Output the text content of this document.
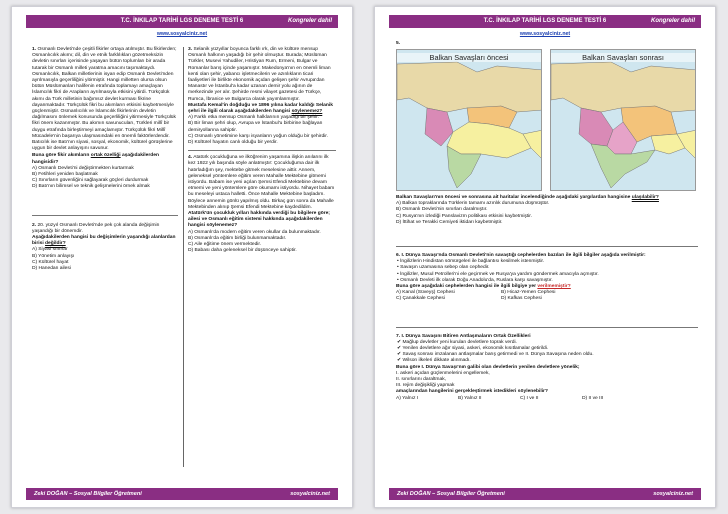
T.C. İNKILAP TARİHİ LGS DENEME TESTİ 6	Kongreler dahil
www.sosyalciniz.net

1. Osmanlı Devleti'nde çeşitli fikirler ortaya atılmıştır. Bu fikirlerden; Osmanlıcılık akımı; dil, din ve etnik farklılıkları gözetmeksizin devletin sınırları içerisinde yaşayan bütün toplumları bir arada tutarak bir Osmanlı milleti yaratma amacını taşımaktaydı. Osmanlıcılık, Balkan milletlerinin isyan edip Osmanlı Devleti'nden ayrılmasıyla geçerliliğini yitirmiştir. Hangi milletten olursa olsun bütün Müslümanları halifenin etrafında toplamayı amaçlayan İslamcılık fikri de Arapların ayrılmasıyla etkisini yitirdi. Türkçülük akımı da Türk milletinin bağımsız devlet kurması fikrine dayanmaktadır. Türkçülük fikri bu akımların etkisini kaybetmesiyle güçlenmiştir. Osmanlıcılık ve İslamcılık fikirlerinin devletin dağılmasını önlemek konusunda geçerliliğini yitirmesiyle Türkçülük fikri önem kazanmıştır. Bu akımın savunucuları, Türkleri millî bir duygu etrafında birleştirmeyi amaçlamıştır. Türkçülük fikri Millî Mücadele'nin başarıya ulaşmasındaki en önemli faktörlerdendir. Batıcılık ise Batı'nın siyasi, sosyal, ekonomik, kültürel görüşlerine uygun bir devlet anlayışını savunur.

Buna göre fikir akımların ortak özelliği aşağıdakilerden hangisidir?

A) Osmanlı Devleti'ni değiştirmekten kurtarmak

B) Fetihleri yeniden başlatmak

C) Sınırların güvenliğini sağlayarak göçleri durdurmak

D) Batı'nın bilimsel ve teknik gelişmelerini örnek almak

2. 20. yüzyıl Osmanlı Devleti'nde pek çok alanda değişimin yaşandığı bir dönemdir.

Aşağıdakilerden hangisi bu değişimlerin yaşandığı alanlardan birisi değildir?

A) Siyasi sınırlar

B) Yönetim anlayışı

C) Kültürel hayat

D) Hanedan ailesi

3. Selanik yüzyıllar boyunca farklı ırk, din ve kültüre mensup Osmanlı halkının yaşadığı bir şehir olmuştur. Burada; Müslüman Türkler, Musevi Yahudiler, Hristiyan Rum, Ermeni, Bulgar ve Romanlar barış içinde yaşamıştır. Makedonya'nın en önemli liman kenti olan şehir, yabancı işletmecilerin ve azınlıkların ticari faaliyetleri ile birlikte ekonomik açıdan gelişen şehir Avrupa'dan Manastır ve İstanbul'a kadar uzanan demir yolu ağının de merkezinde yer alır. Şehirde resmi vilayet gazetesi de Türkçe, Rumca, İbranice ve Bulgarca olarak yayımlanmıştır.

Mustafa Kemal'in doğduğu ve 1896 yılına kadar kaldığı Selanik şehri ile ilgili olarak aşağıdakilerden hangisi söylenemez?

A) Farklı etka mensup Osmanlı halklarının yaşadığı bir şehir.

B) Bir liman şehri olup, Avrupa ve İstanbul'u birbirine bağlayan demiryollarına sahiptir.

C) Osmanlı yönetimine karşı isyanların yoğun olduğu bir şehirdir.

D) Kültürel hayatın canlı olduğu bir yerdir.

4. Atatürk çocukluğuna ve ilköğrenim yaşamına ilişkin anılarını ilk kez 1922 yılı başında söyle anlatmıştır: Çocukluğuma dair ilk hatırladığım şey, mektebe gitmek meselesine aittir. Annem, geleneksel yöntemlere eğitim veren Mahalle Mektebine gitmemi istiyordu. Babam ise yeni açılan Şemsi Efendi Mektebine devam etmemi ve yeni yöntemlere göre okumamı istiyordu. Nihayet babam bu meseleyi ustaca halletti. Önce Mahalle Mektebine başladım. Böylece annemin gönlü yapılmış oldu. Birkaç gün sonra da Mahalle Mektebinden alınıp Şemsi Efendi Mektebine kaydedildim.

Atatürk'ün çocukluk yılları hakkında verdiği bu bilgilere göre; ailesi ve Osmanlı eğitim sistemi hakkında aşağıdakilerden hangisi söylenemez?

A) Osmanlı'da modern eğitim veren okullar da bulunmaktadır.

B) Osmanlı'da eğitim birliği bulunmamaktadır.

C) Aile eğitime önem vermektedir.

D) Babası daha geleneksel bir düşünceye sahiptir.

Zeki DOĞAN – Sosyal Bilgiler Öğretmeni	sosyalciniz.net
T.C. İNKILAP TARİHİ LGS DENEME TESTİ 6	Kongreler dahil
www.sosyalciniz.net
5.
Balkan Savaşları öncesi	Balkan Savaşları sonrası

Balkan Savaşları'nın öncesi ve sonrasına ait haritalar incelendiğinde aşağıdaki yargılardan hangisine ulaşılabilir?

A) Balkan topraklarında Türklerin tamamı azınlık durumuna düşmüştür.

B) Osmanlı Devleti'nin sınırları daralmıştır.

C) Rusya'nın izlediği Panslavizm politikası etkisini kaybetmiştir.

D) İttihat ve Terakki Cemiyeti iktidarı kaybetmiştir.

6. I. Dünya Savaşı'nda Osmanlı Devleti'nin savaştığı cephelerden bazıları ile ilgili bilgiler aşağıda verilmiştir:

• İngilizlerin Hindistan sömürgeleri ile bağlantısı kesilmek istenmiştir.

• Savaşın uzamasına sebep olan cephedir.

• İngilizler, Musul Petrolleri'ni ele geçirmek ve Rusya'ya yardım göndermek amacıyla açmıştır.

• Osmanlı Devleti ilk olarak Doğu Anadolu'da, Ruslara karşı savaşmıştır.

Buna göre aşağıdaki cephelerden hangisi ile ilgili bilgiye yer verilmemiştir?

A) Kanal (Süveyş) Cephesi	B) Hicaz-Yemen Cephesi

C) Çanakkale Cephesi	D) Kafkas Cephesi

7. I. Dünya Savaşını Bitiren Antlaşmaların Ortak Özellikleri

✔ Mağlup devletler yeni kurulan devletlere toprak verdi.

✔ Yenilen devletlere ağır siyasi, askeri, ekonomik kısıtlamalar getirildi.

✔ Savaş sonrası imzalanan antlaşmalar barış getirmedi ve II. Dünya Savaşına neden oldu.

✔ Wilson ilkeleri dikkate alınmadı.

Buna göre I. Dünya Savaşı'nın galibi olan devletlerin yenilen devletlere yönelik;

I. askeri açıdan güçlenmelerini engellemek,

II. sınırlarını daraltmak,

III. rejim değişikliği yapmak

amaçlarından hangilerini gerçekleştirmek istedikleri söylenebilir?

A) Yalnız I	B) Yalnız II	C) I ve II	D) II ve III

Zeki DOĞAN – Sosyal Bilgiler Öğretmeni	sosyalciniz.net
